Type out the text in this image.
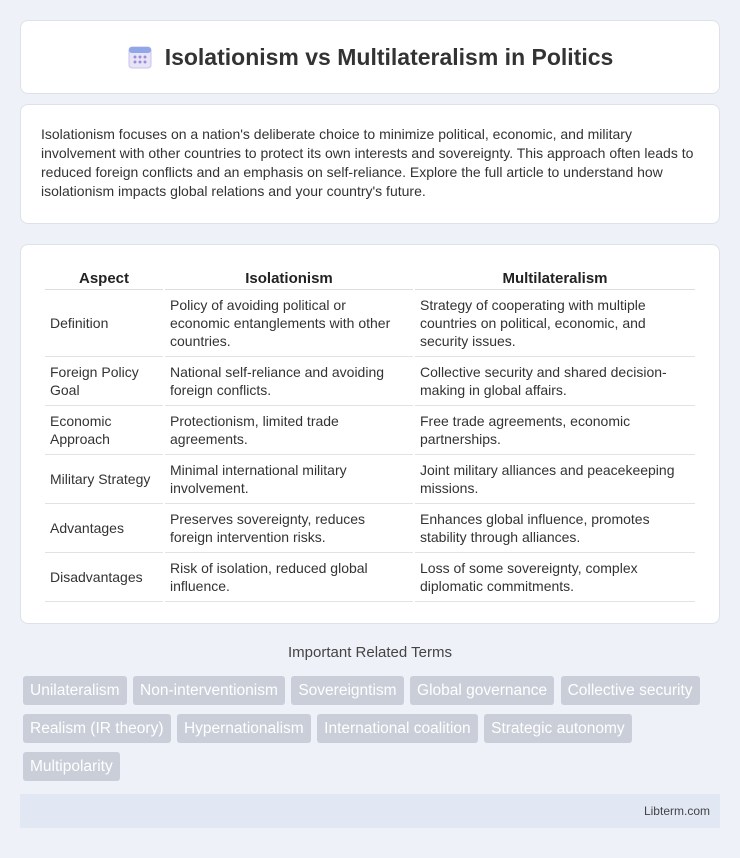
Isolationism vs Multilateralism in Politics

Isolationism focuses on a nation's deliberate choice to minimize political, economic, and military involvement with other countries to protect its own interests and sovereignty. This approach often leads to reduced foreign conflicts and an emphasis on self-reliance. Explore the full article to understand how isolationism impacts global relations and your country's future.

Aspect	Isolationism	Multilateralism
Definition	Policy of avoiding political or economic entanglements with other countries.	Strategy of cooperating with multiple countries on political, economic, and security issues.
Foreign Policy Goal	National self-reliance and avoiding foreign conflicts.	Collective security and shared decision-making in global affairs.
Economic Approach	Protectionism, limited trade agreements.	Free trade agreements, economic partnerships.
Military Strategy	Minimal international military involvement.	Joint military alliances and peacekeeping missions.
Advantages	Preserves sovereignty, reduces foreign intervention risks.	Enhances global influence, promotes stability through alliances.
Disadvantages	Risk of isolation, reduced global influence.	Loss of some sovereignty, complex diplomatic commitments.
Important Related Terms
Unilateralism Non-interventionism Sovereigntism Global governance Collective security Realism (IR theory) Hypernationalism International coalition Strategic autonomy Multipolarity
Libterm.com
